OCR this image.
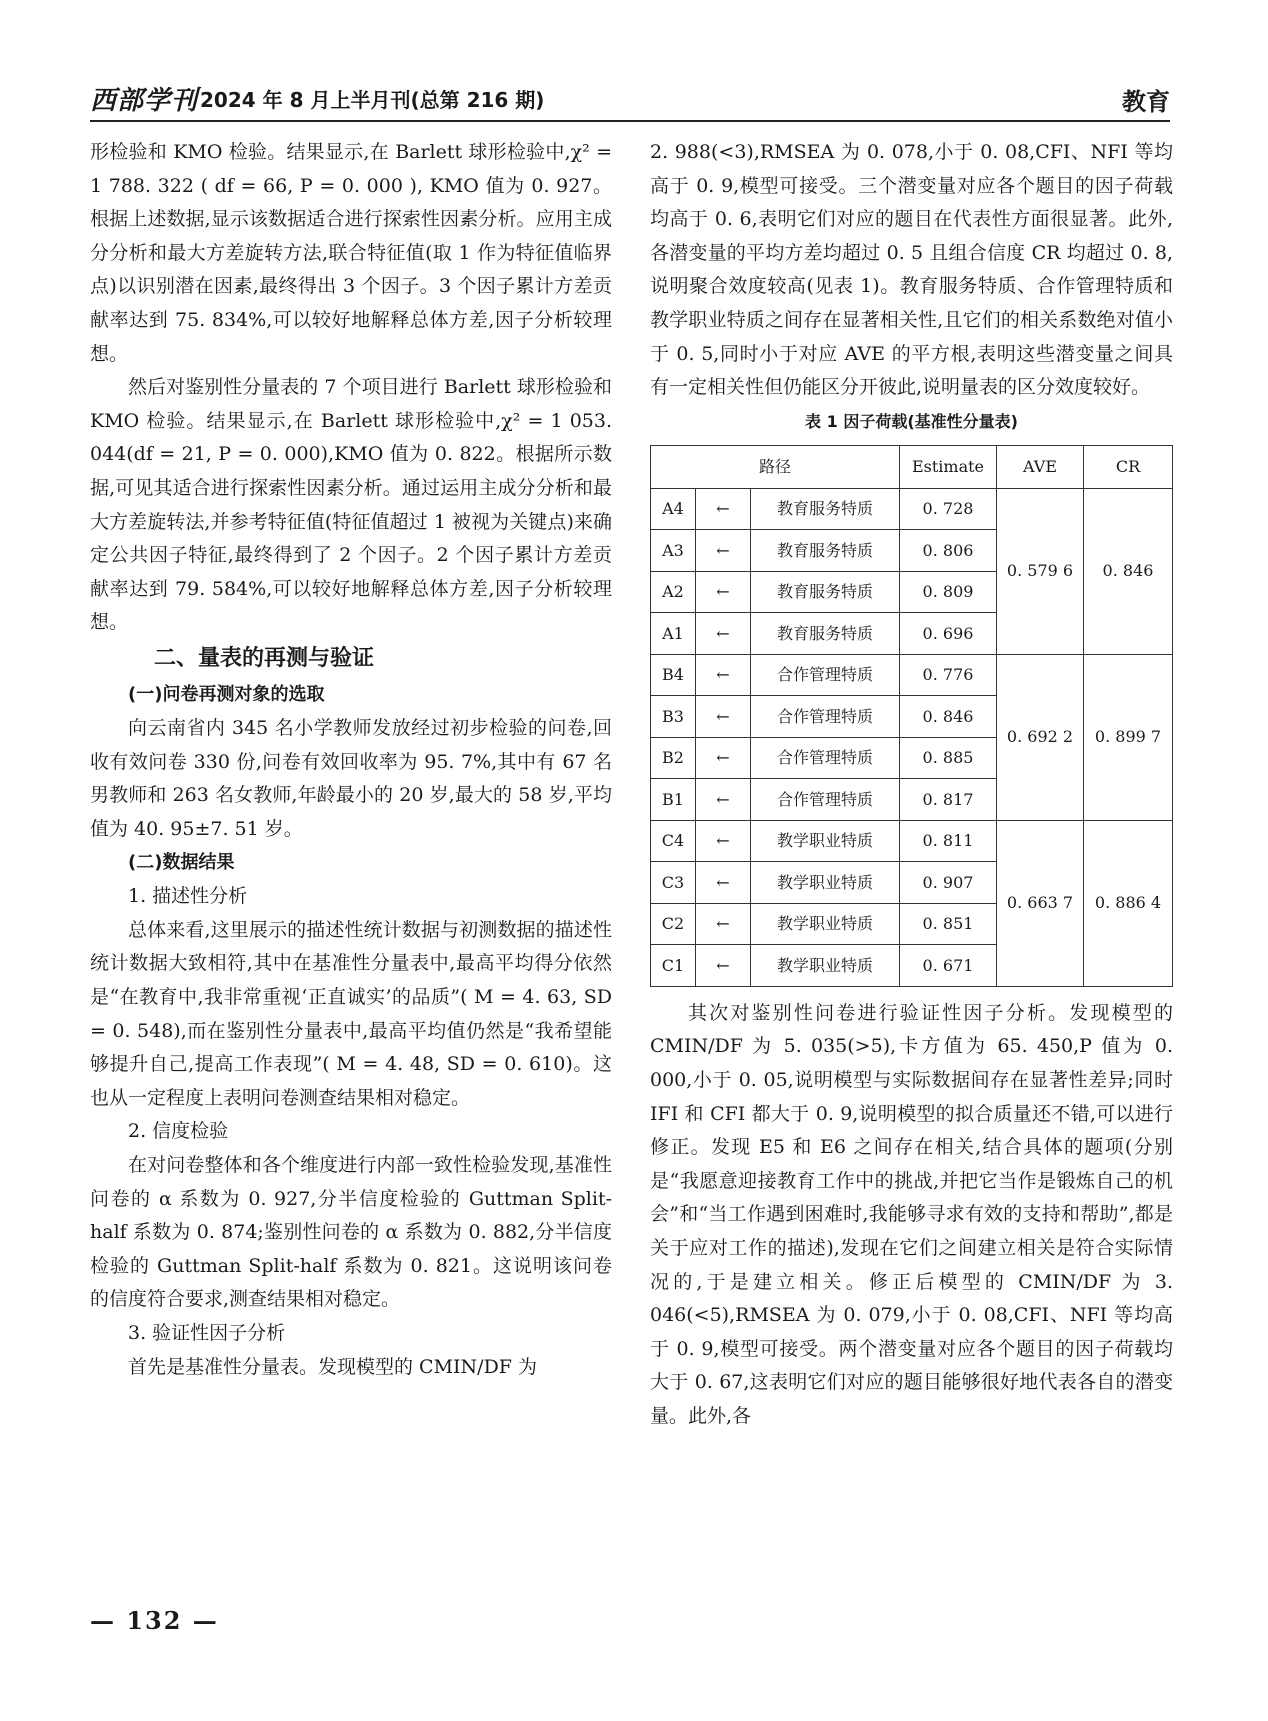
西部学刊 2024 年 8 月上半月刊(总第 216 期)	教育

形检验和 KMO 检验。结果显示,在 Barlett 球形检验中,χ² = 1 788. 322 ( df = 66, P = 0. 000 ), KMO 值为 0. 927。根据上述数据,显示该数据适合进行探索性因素分析。应用主成分分析和最大方差旋转方法,联合特征值(取 1 作为特征值临界点)以识别潜在因素,最终得出 3 个因子。3 个因子累计方差贡献率达到 75. 834%,可以较好地解释总体方差,因子分析较理想。

然后对鉴别性分量表的 7 个项目进行 Barlett 球形检验和 KMO 检验。结果显示,在 Barlett 球形检验中,χ² = 1 053. 044(df = 21, P = 0. 000),KMO 值为 0. 822。根据所示数据,可见其适合进行探索性因素分析。通过运用主成分分析和最大方差旋转法,并参考特征值(特征值超过 1 被视为关键点)来确定公共因子特征,最终得到了 2 个因子。2 个因子累计方差贡献率达到 79. 584%,可以较好地解释总体方差,因子分析较理想。

二、量表的再测与验证

(一)问卷再测对象的选取

向云南省内 345 名小学教师发放经过初步检验的问卷,回收有效问卷 330 份,问卷有效回收率为 95. 7%,其中有 67 名男教师和 263 名女教师,年龄最小的 20 岁,最大的 58 岁,平均值为 40. 95±7. 51 岁。

(二)数据结果

1. 描述性分析

总体来看,这里展示的描述性统计数据与初测数据的描述性统计数据大致相符,其中在基准性分量表中,最高平均得分依然是“在教育中,我非常重视‘正直诚实’的品质”( M = 4. 63, SD = 0. 548),而在鉴别性分量表中,最高平均值仍然是“我希望能够提升自己,提高工作表现”( M = 4. 48, SD = 0. 610)。这也从一定程度上表明问卷测查结果相对稳定。

2. 信度检验

在对问卷整体和各个维度进行内部一致性检验发现,基准性问卷的 α 系数为 0. 927,分半信度检验的 Guttman Split-half 系数为 0. 874;鉴别性问卷的 α 系数为 0. 882,分半信度检验的 Guttman Split-half 系数为 0. 821。这说明该问卷的信度符合要求,测查结果相对稳定。

3. 验证性因子分析

首先是基准性分量表。发现模型的 CMIN/DF 为

2. 988(<3),RMSEA 为 0. 078,小于 0. 08,CFI、NFI 等均高于 0. 9,模型可接受。三个潜变量对应各个题目的因子荷载均高于 0. 6,表明它们对应的题目在代表性方面很显著。此外,各潜变量的平均方差均超过 0. 5 且组合信度 CR 均超过 0. 8,说明聚合效度较高(见表 1)。教育服务特质、合作管理特质和教学职业特质之间存在显著相关性,且它们的相关系数绝对值小于 0. 5,同时小于对应 AVE 的平方根,表明这些潜变量之间具有一定相关性但仍能区分开彼此,说明量表的区分效度较好。

表 1 因子荷载(基准性分量表)
路径			Estimate	AVE	CR
A4	←	教育服务特质	0. 728	0. 579 6	0. 846
A3	←	教育服务特质	0. 806		
A2	←	教育服务特质	0. 809		
A1	←	教育服务特质	0. 696		
B4	←	合作管理特质	0. 776	0. 692 2	0. 899 7
B3	←	合作管理特质	0. 846		
B2	←	合作管理特质	0. 885		
B1	←	合作管理特质	0. 817		
C4	←	教学职业特质	0. 811	0. 663 7	0. 886 4
C3	←	教学职业特质	0. 907		
C2	←	教学职业特质	0. 851		
C1	←	教学职业特质	0. 671		

其次对鉴别性问卷进行验证性因子分析。发现模型的 CMIN/DF 为 5. 035(>5),卡方值为 65. 450,P 值为 0. 000,小于 0. 05,说明模型与实际数据间存在显著性差异;同时 IFI 和 CFI 都大于 0. 9,说明模型的拟合质量还不错,可以进行修正。发现 E5 和 E6 之间存在相关,结合具体的题项(分别是“我愿意迎接教育工作中的挑战,并把它当作是锻炼自己的机会”和“当工作遇到困难时,我能够寻求有效的支持和帮助”,都是关于应对工作的描述),发现在它们之间建立相关是符合实际情况的,于是建立相关。修正后模型的 CMIN/DF 为 3. 046(<5),RMSEA 为 0. 079,小于 0. 08,CFI、NFI 等均高于 0. 9,模型可接受。两个潜变量对应各个题目的因子荷载均大于 0. 67,这表明它们对应的题目能够很好地代表各自的潜变量。此外,各

— 132 —
